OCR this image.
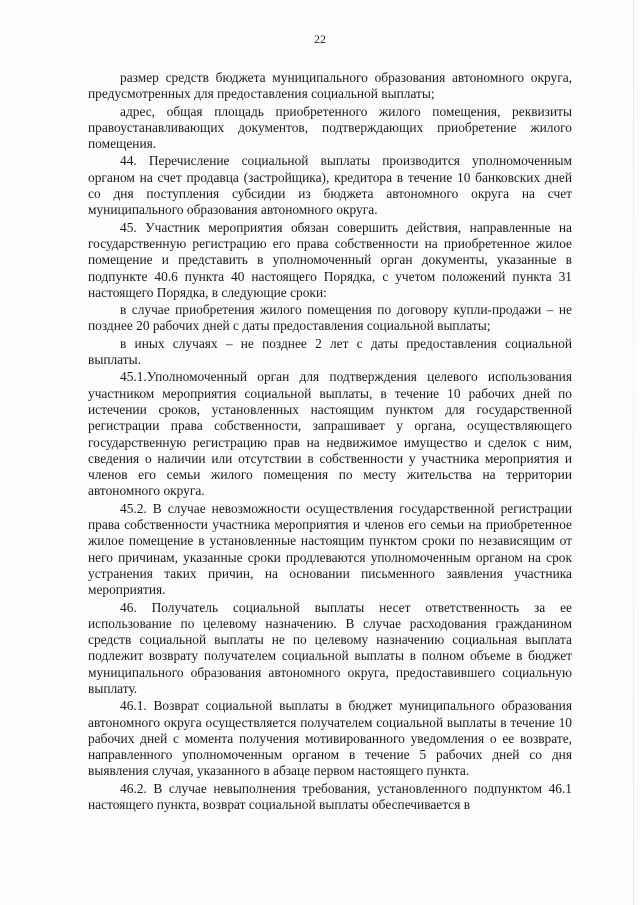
22

размер средств бюджета муниципального образования автономного округа, предусмотренных для предоставления социальной выплаты;

адрес, общая площадь приобретенного жилого помещения, реквизиты правоустанавливающих документов, подтверждающих приобретение жилого помещения.

44. Перечисление социальной выплаты производится уполномоченным органом на счет продавца (застройщика), кредитора в течение 10 банковских дней со дня поступления субсидии из бюджета автономного округа на счет муниципального образования автономного округа.

45. Участник мероприятия обязан совершить действия, направленные на государственную регистрацию его права собственности на приобретенное жилое помещение и представить в уполномоченный орган документы, указанные в подпункте 40.6 пункта 40 настоящего Порядка, с учетом положений пункта 31 настоящего Порядка, в следующие сроки:

в случае приобретения жилого помещения по договору купли-продажи – не позднее 20 рабочих дней с даты предоставления социальной выплаты;

в иных случаях – не позднее 2 лет с даты предоставления социальной выплаты.

45.1.Уполномоченный орган для подтверждения целевого использования участником мероприятия социальной выплаты, в течение 10 рабочих дней по истечении сроков, установленных настоящим пунктом для государственной регистрации права собственности, запрашивает у органа, осуществляющего государственную регистрацию прав на недвижимое имущество и сделок с ним, сведения о наличии или отсутствии в собственности у участника мероприятия и членов его семьи жилого помещения по месту жительства на территории автономного округа.

45.2. В случае невозможности осуществления государственной регистрации права собственности участника мероприятия и членов его семьи на приобретенное жилое помещение в установленные настоящим пунктом сроки по независящим от него причинам, указанные сроки продлеваются уполномоченным органом на срок устранения таких причин, на основании письменного заявления участника мероприятия.

46. Получатель социальной выплаты несет ответственность за ее использование по целевому назначению. В случае расходования гражданином средств социальной выплаты не по целевому назначению социальная выплата подлежит возврату получателем социальной выплаты в полном объеме в бюджет муниципального образования автономного округа, предоставившего социальную выплату.

46.1. Возврат социальной выплаты в бюджет муниципального образования автономного округа осуществляется получателем социальной выплаты в течение 10 рабочих дней с момента получения мотивированного уведомления о ее возврате, направленного уполномоченным органом в течение 5 рабочих дней со дня выявления случая, указанного в абзаце первом настоящего пункта.

46.2. В случае невыполнения требования, установленного подпунктом 46.1 настоящего пункта, возврат социальной выплаты обеспечивается в
